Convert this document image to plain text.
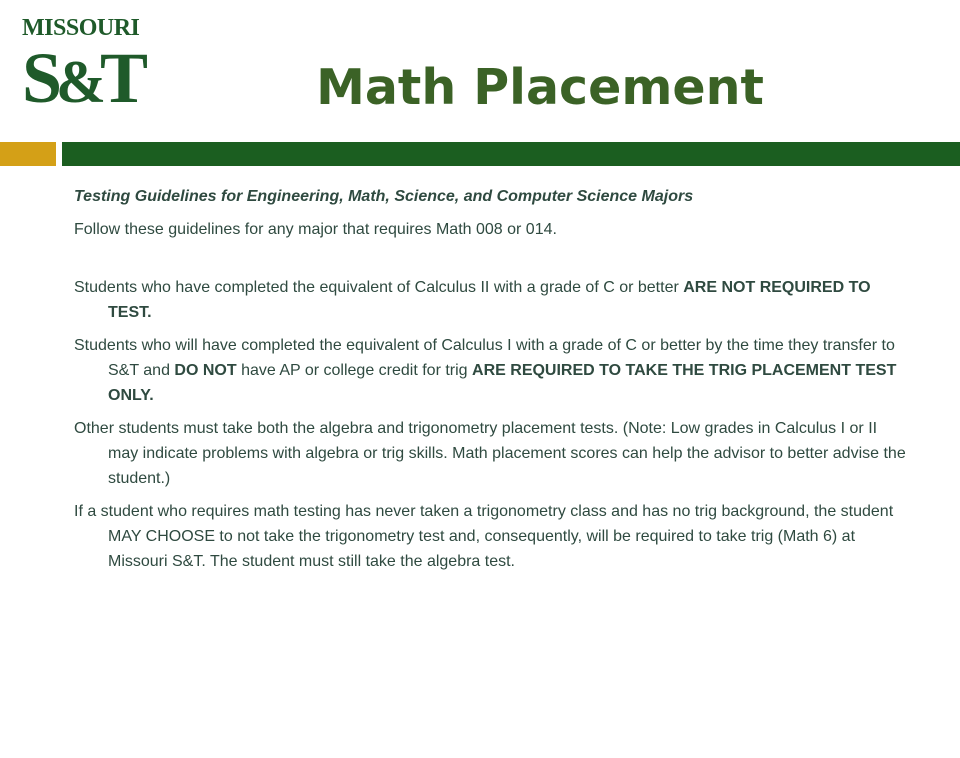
MISSOURI
S&T	Math Placement

Testing Guidelines for Engineering, Math, Science, and Computer Science Majors

Follow these guidelines for any major that requires Math 008 or 014.

Students who have completed the equivalent of Calculus II with a grade of C or better ARE NOT REQUIRED TO TEST.

Students who will have completed the equivalent of Calculus I with a grade of C or better by the time they transfer to S&T and DO NOT have AP or college credit for trig ARE REQUIRED TO TAKE THE TRIG PLACEMENT TEST ONLY.

Other students must take both the algebra and trigonometry placement tests. (Note: Low grades in Calculus I or II may indicate problems with algebra or trig skills. Math placement scores can help the advisor to better advise the student.)

If a student who requires math testing has never taken a trigonometry class and has no trig background, the student MAY CHOOSE to not take the trigonometry test and, consequently, will be required to take trig (Math 6) at Missouri S&T. The student must still take the algebra test.
